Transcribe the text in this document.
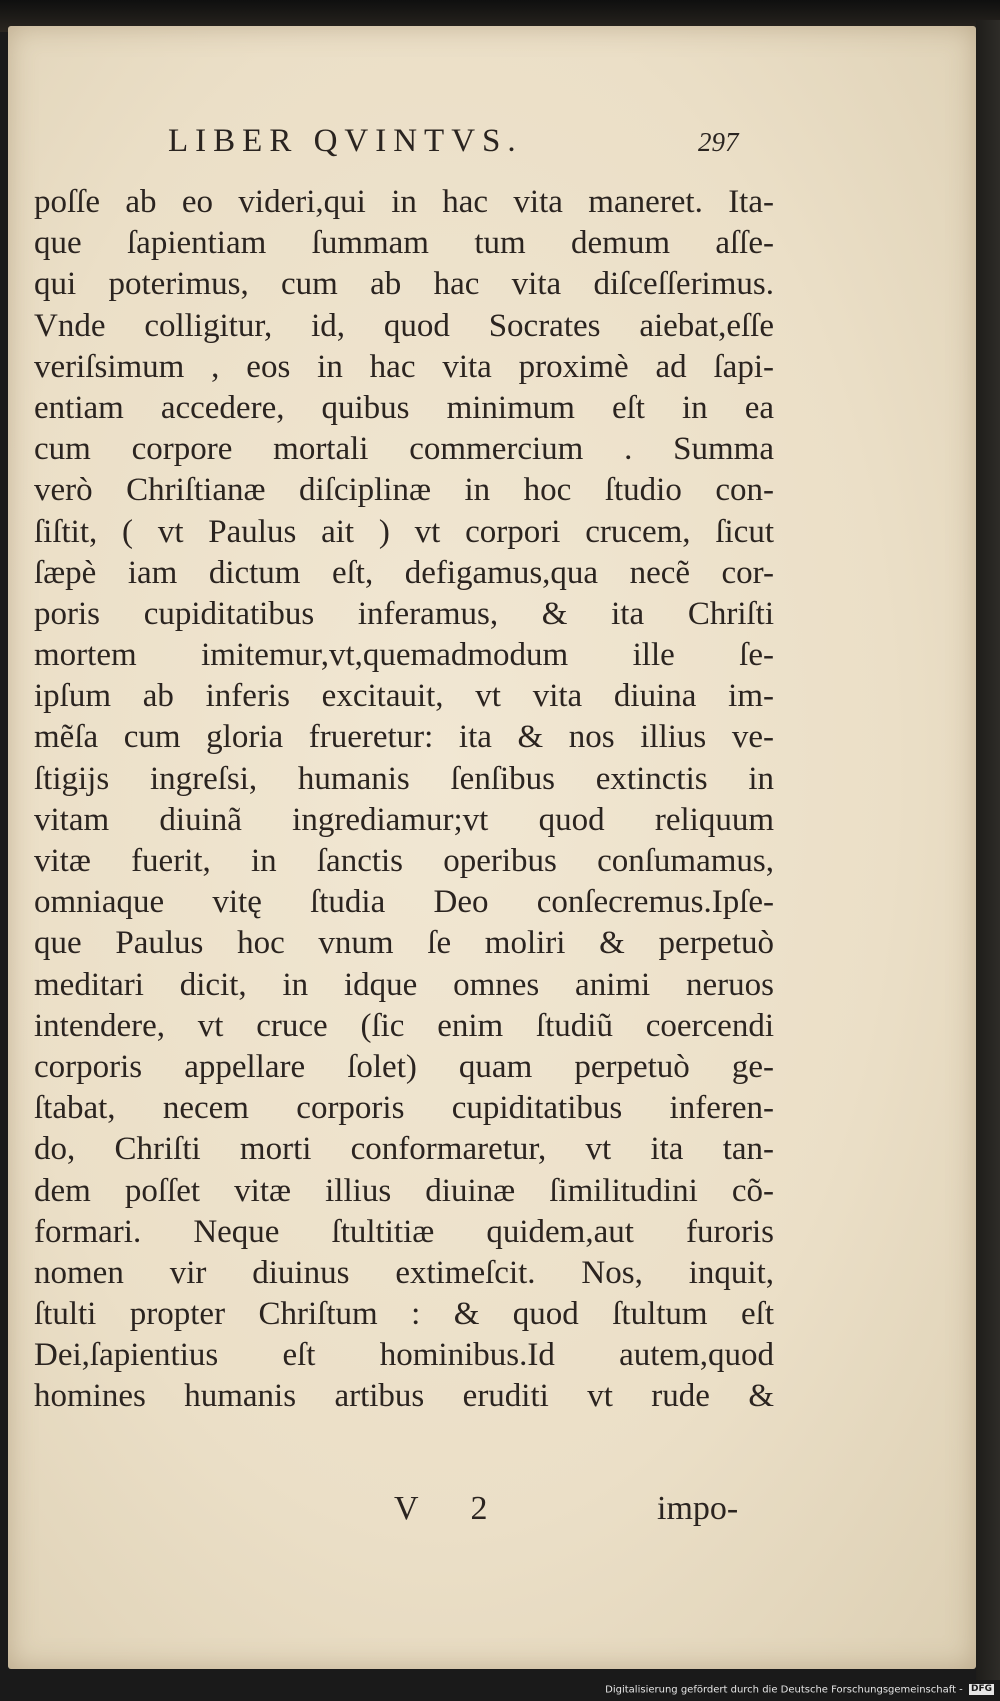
LIBER QVINTVS.	297
poſſe ab eo videri,qui in hac vita maneret. Ita-
que ſapientiam ſummam tum demum aſſe-
qui poterimus, cum ab hac vita diſceſſerimus.
Vnde colligitur, id, quod Socrates aiebat,eſſe
veriſsimum , eos in hac vita proximè ad ſapi-
entiam accedere, quibus minimum eſt in ea
cum corpore mortali commercium . Summa
verò Chriſtianæ diſciplinæ in hoc ſtudio con-
ſiſtit, ( vt Paulus ait ) vt corpori crucem, ſicut
ſæpè iam dictum eſt, defigamus,qua necẽ cor-
poris cupiditatibus inferamus, & ita Chriſti
mortem imitemur,vt,quemadmodum ille ſe-
ipſum ab inferis excitauit, vt vita diuina im-
mẽſa cum gloria frueretur: ita & nos illius ve-
ſtigijs ingreſsi, humanis ſenſibus extinctis in
vitam diuinã ingrediamur;vt quod reliquum
vitæ fuerit, in ſanctis operibus conſumamus,
omniaque vitę ſtudia Deo conſecremus.Ipſe-
que Paulus hoc vnum ſe moliri & perpetuò
meditari dicit, in idque omnes animi neruos
intendere, vt cruce (ſic enim ſtudiũ coercendi
corporis appellare ſolet) quam perpetuò ge-
ſtabat, necem corporis cupiditatibus inferen-
do, Chriſti morti conformaretur, vt ita tan-
dem poſſet vitæ illius diuinæ ſimilitudini cõ-
formari. Neque ſtultitiæ quidem,aut furoris
nomen vir diuinus extimeſcit. Nos, inquit,
ſtulti propter Chriſtum : & quod ſtultum eſt
Dei,ſapientius eſt hominibus.Id autem,quod
homines humanis artibus eruditi vt rude &
V 2	impo-
Digitalisierung gefördert durch die Deutsche Forschungsgemeinschaft - DFG
